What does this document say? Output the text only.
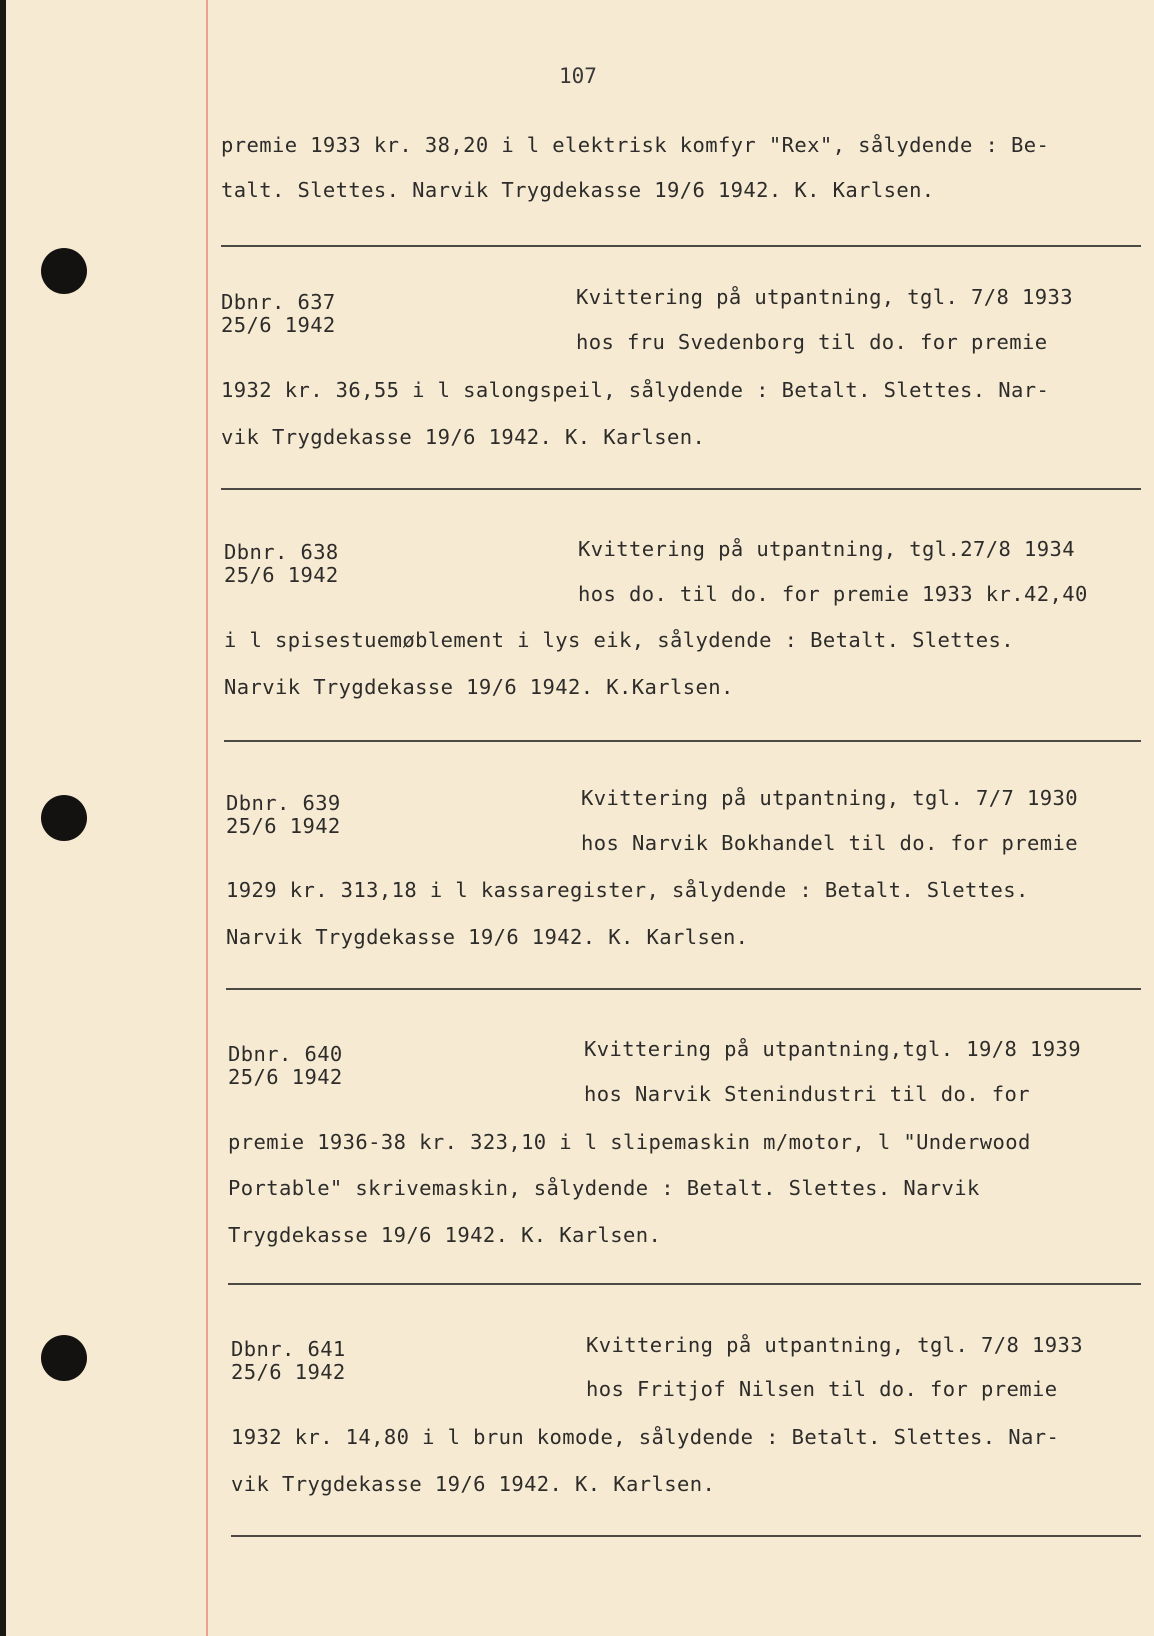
107
premie 1933 kr. 38,20 i l elektrisk komfyr "Rex", sålydende : Be-
talt. Slettes. Narvik Trygdekasse 19/6 1942. K. Karlsen.
Dbnr. 637
25/6 1942
Kvittering på utpantning, tgl. 7/8 1933
hos fru Svedenborg til do. for premie
1932 kr. 36,55 i l salongspeil, sålydende : Betalt. Slettes. Nar-
vik Trygdekasse 19/6 1942. K. Karlsen.
Dbnr. 638
25/6 1942
Kvittering på utpantning, tgl.27/8 1934
hos do. til do. for premie 1933 kr.42,40
i l spisestuemøblement i lys eik, sålydende : Betalt. Slettes.
Narvik Trygdekasse 19/6 1942. K.Karlsen.
Dbnr. 639
25/6 1942
Kvittering på utpantning, tgl. 7/7 1930
hos Narvik Bokhandel til do. for premie
1929 kr. 313,18 i l kassaregister, sålydende : Betalt. Slettes.
Narvik Trygdekasse 19/6 1942. K. Karlsen.
Dbnr. 640
25/6 1942
Kvittering på utpantning,tgl. 19/8 1939
hos Narvik Stenindustri til do. for
premie 1936-38 kr. 323,10 i l slipemaskin m/motor, l "Underwood
Portable" skrivemaskin, sålydende : Betalt. Slettes. Narvik
Trygdekasse 19/6 1942. K. Karlsen.
Dbnr. 641
25/6 1942
Kvittering på utpantning, tgl. 7/8 1933
hos Fritjof Nilsen til do. for premie
1932 kr. 14,80 i l brun komode, sålydende : Betalt. Slettes. Nar-
vik Trygdekasse 19/6 1942. K. Karlsen.
